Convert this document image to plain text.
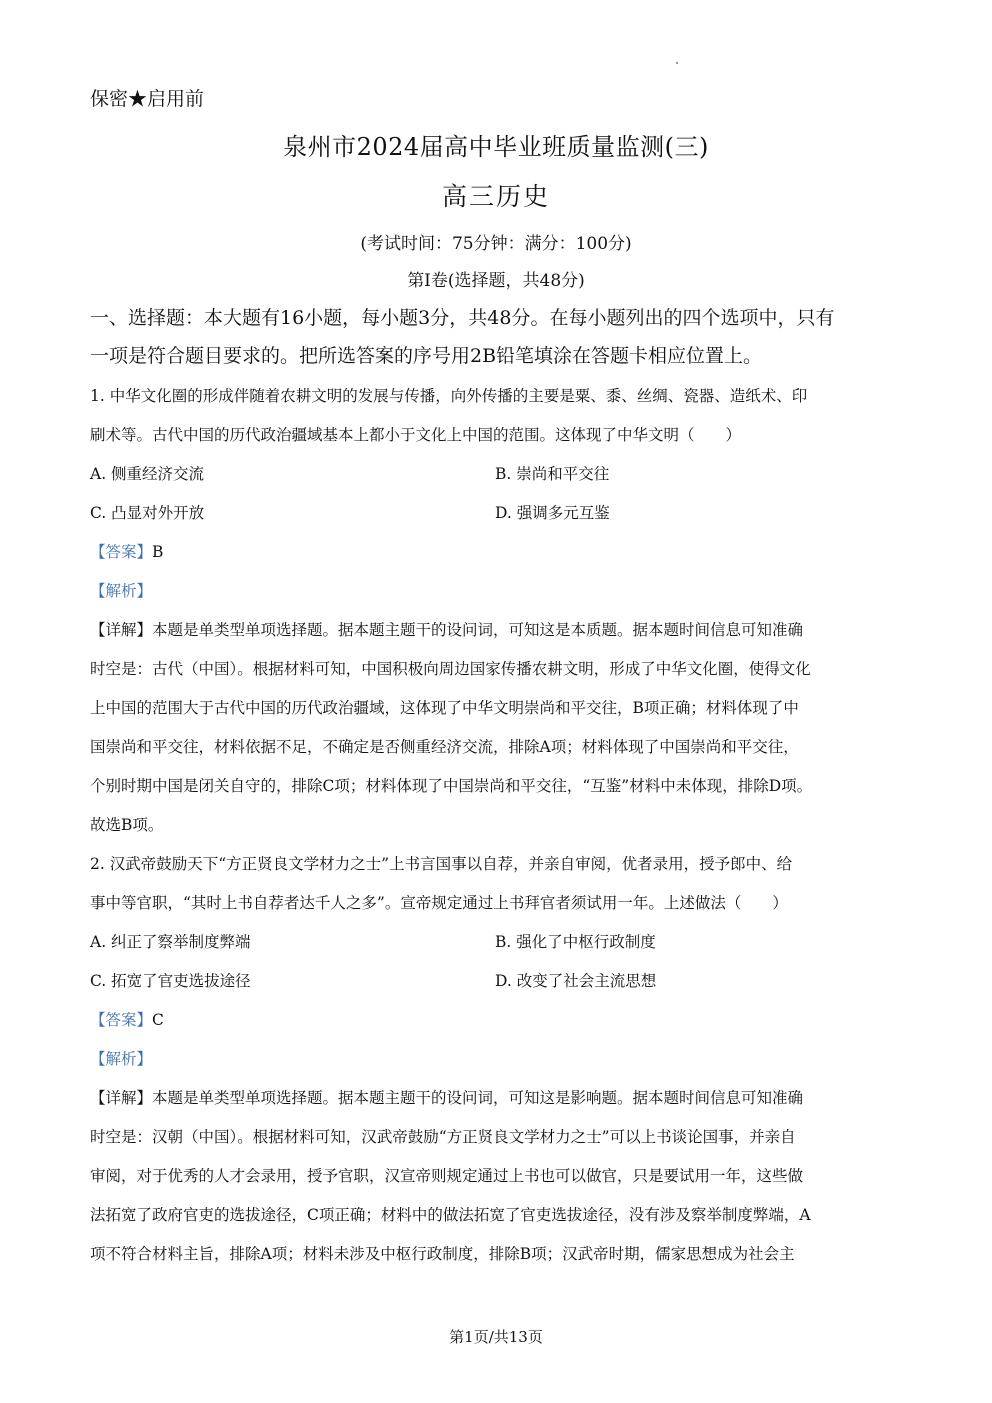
保密★启用前
泉州市2024届高中毕业班质量监测(三)
高三历史
(考试时间：75分钟：满分：100分)
第Ⅰ卷(选择题，共48分)
一、选择题：本大题有16小题，每小题3分，共48分。在每小题列出的四个选项中，只有
一项是符合题目要求的。把所选答案的序号用2B铅笔填涂在答题卡相应位置上。
1. 中华文化圈的形成伴随着农耕文明的发展与传播，向外传播的主要是粟、黍、丝绸、瓷器、造纸术、印
刷术等。古代中国的历代政治疆域基本上都小于文化上中国的范围。这体现了中华文明（　　）
A. 侧重经济交流	B. 崇尚和平交往
C. 凸显对外开放	D. 强调多元互鉴
【答案】B
【解析】
【详解】本题是单类型单项选择题。据本题主题干的设问词，可知这是本质题。据本题时间信息可知准确
时空是：古代（中国）。根据材料可知，中国积极向周边国家传播农耕文明，形成了中华文化圈，使得文化
上中国的范围大于古代中国的历代政治疆域，这体现了中华文明崇尚和平交往，B项正确；材料体现了中
国崇尚和平交往，材料依据不足，不确定是否侧重经济交流，排除A项；材料体现了中国崇尚和平交往，
个别时期中国是闭关自守的，排除C项；材料体现了中国崇尚和平交往，“互鉴”材料中未体现，排除D项。
故选B项。
2. 汉武帝鼓励天下“方正贤良文学材力之士”上书言国事以自荐，并亲自审阅，优者录用，授予郎中、给
事中等官职，“其时上书自荐者达千人之多”。宣帝规定通过上书拜官者须试用一年。上述做法（　　）
A. 纠正了察举制度弊端	B. 强化了中枢行政制度
C. 拓宽了官吏选拔途径	D. 改变了社会主流思想
【答案】C
【解析】
【详解】本题是单类型单项选择题。据本题主题干的设问词，可知这是影响题。据本题时间信息可知准确
时空是：汉朝（中国）。根据材料可知，汉武帝鼓励“方正贤良文学材力之士”可以上书谈论国事，并亲自
审阅，对于优秀的人才会录用，授予官职，汉宣帝则规定通过上书也可以做官，只是要试用一年，这些做
法拓宽了政府官吏的选拔途径，C项正确；材料中的做法拓宽了官吏选拔途径，没有涉及察举制度弊端，A
项不符合材料主旨，排除A项；材料未涉及中枢行政制度，排除B项；汉武帝时期，儒家思想成为社会主
第1页/共13页
